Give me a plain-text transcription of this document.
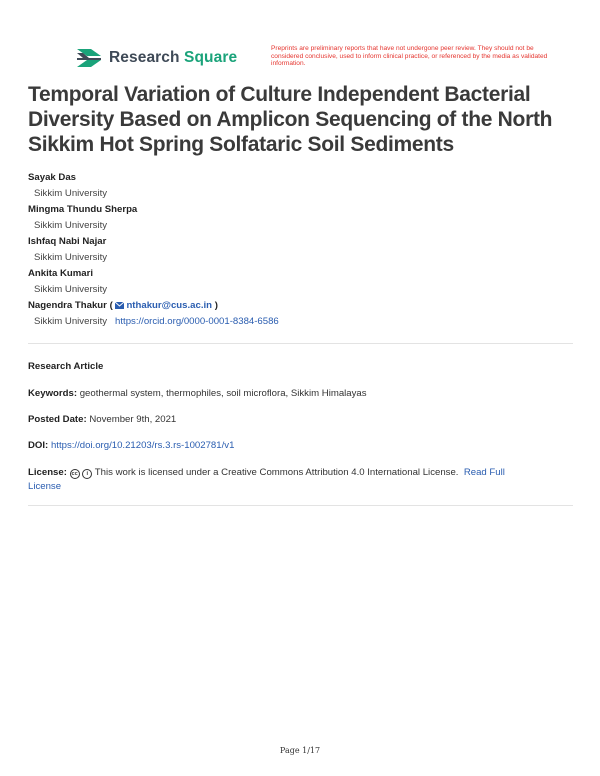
Research Square
Preprints are preliminary reports that have not undergone peer review. They should not be considered conclusive, used to inform clinical practice, or referenced by the media as validated information.
Temporal Variation of Culture Independent Bacterial Diversity Based on Amplicon Sequencing of the North Sikkim Hot Spring Solfataric Soil Sediments
Sayak Das
Sikkim University
Mingma Thundu Sherpa
Sikkim University
Ishfaq Nabi Najar
Sikkim University
Ankita Kumari
Sikkim University
Nagendra Thakur ( nthakur@cus.ac.in )
Sikkim University https://orcid.org/0000-0001-8384-6586
Research Article
Keywords: geothermal system, thermophiles, soil microflora, Sikkim Himalayas
Posted Date: November 9th, 2021
DOI: https://doi.org/10.21203/rs.3.rs-1002781/v1
License: cc i This work is licensed under a Creative Commons Attribution 4.0 International License. Read Full
License
Page 1/17
